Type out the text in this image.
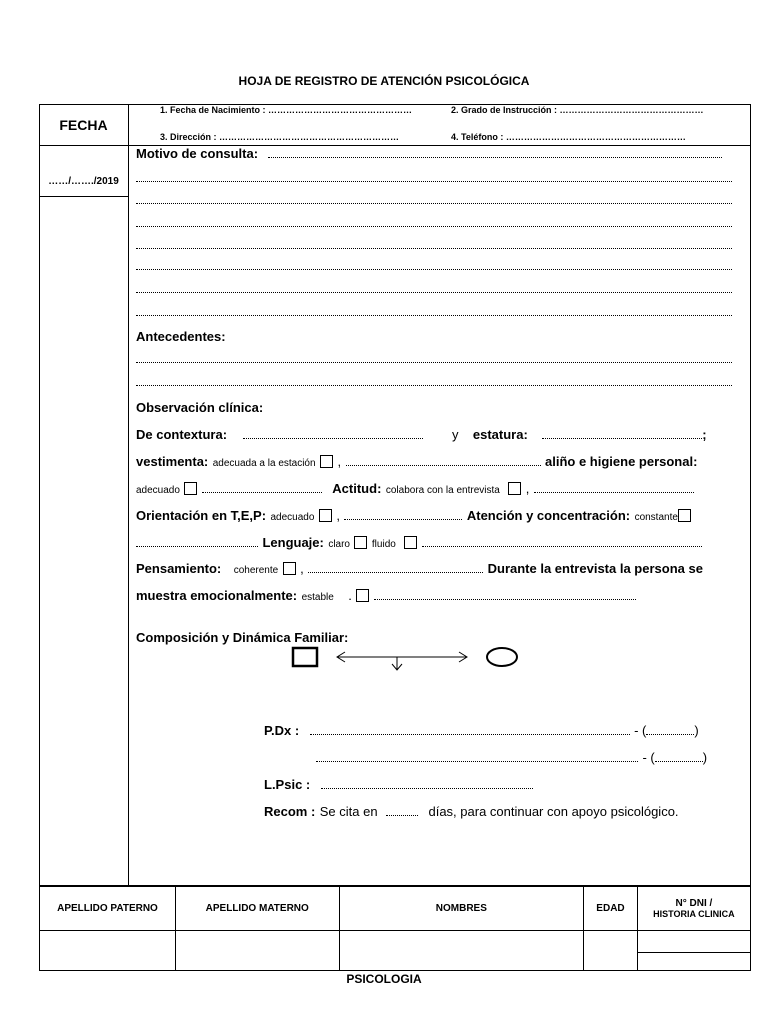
HOJA DE REGISTRO DE ATENCIÓN PSICOLÓGICA
FECHA
……/……./2019
1. Fecha de Nacimiento : …………………………………………	2. Grado de Instrucción : …………………………………………
3. Dirección : ……………………………………………………	4. Teléfono : ……………………………………………………
Motivo de consulta:
Antecedentes:
Observación clínica:
De contextura:	y estatura:	;
vestimenta: adecuada a la estación ,	aliño e higiene personal:
adecuado	Actitud: colabora con la entrevista ,
Orientación en T,E,P: adecuado ,	Atención y concentración: constante
Lenguaje: claro fluido
Pensamiento: coherente ,	Durante la entrevista la persona se
muestra emocionalmente: estable .
Composición y Dinámica Familiar:
P.Dx :	- (	)
- (	)
L.Psic :
Recom : Se cita en	días, para continuar con apoyo psicológico.
APELLIDO PATERNO	APELLIDO MATERNO	NOMBRES	EDAD	N° DNI /
HISTORIA CLINICA

PSICOLOGIA
